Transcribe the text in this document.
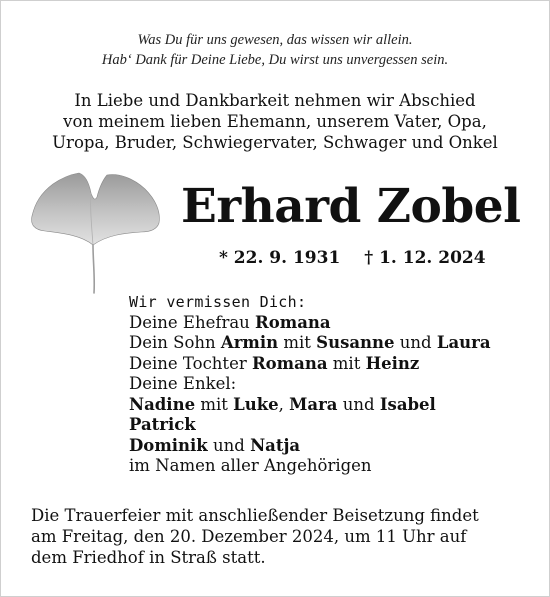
Was Du für uns gewesen, das wissen wir allein.
Hab‘ Dank für Deine Liebe, Du wirst uns unvergessen sein.
In Liebe und Dankbarkeit nehmen wir Abschied
von meinem lieben Ehemann, unserem Vater, Opa,
Uropa, Bruder, Schwiegervater, Schwager und Onkel
Erhard Zobel
* 22. 9. 1931 † 1. 12. 2024
Wir vermissen Dich:
Deine Ehefrau Romana
Dein Sohn Armin mit Susanne und Laura
Deine Tochter Romana mit Heinz
Deine Enkel:
Nadine mit Luke, Mara und Isabel
Patrick
Dominik und Natja
im Namen aller Angehörigen
Die Trauerfeier mit anschließender Beisetzung findet
am Freitag, den 20. Dezember 2024, um 11 Uhr auf
dem Friedhof in Straß statt.
